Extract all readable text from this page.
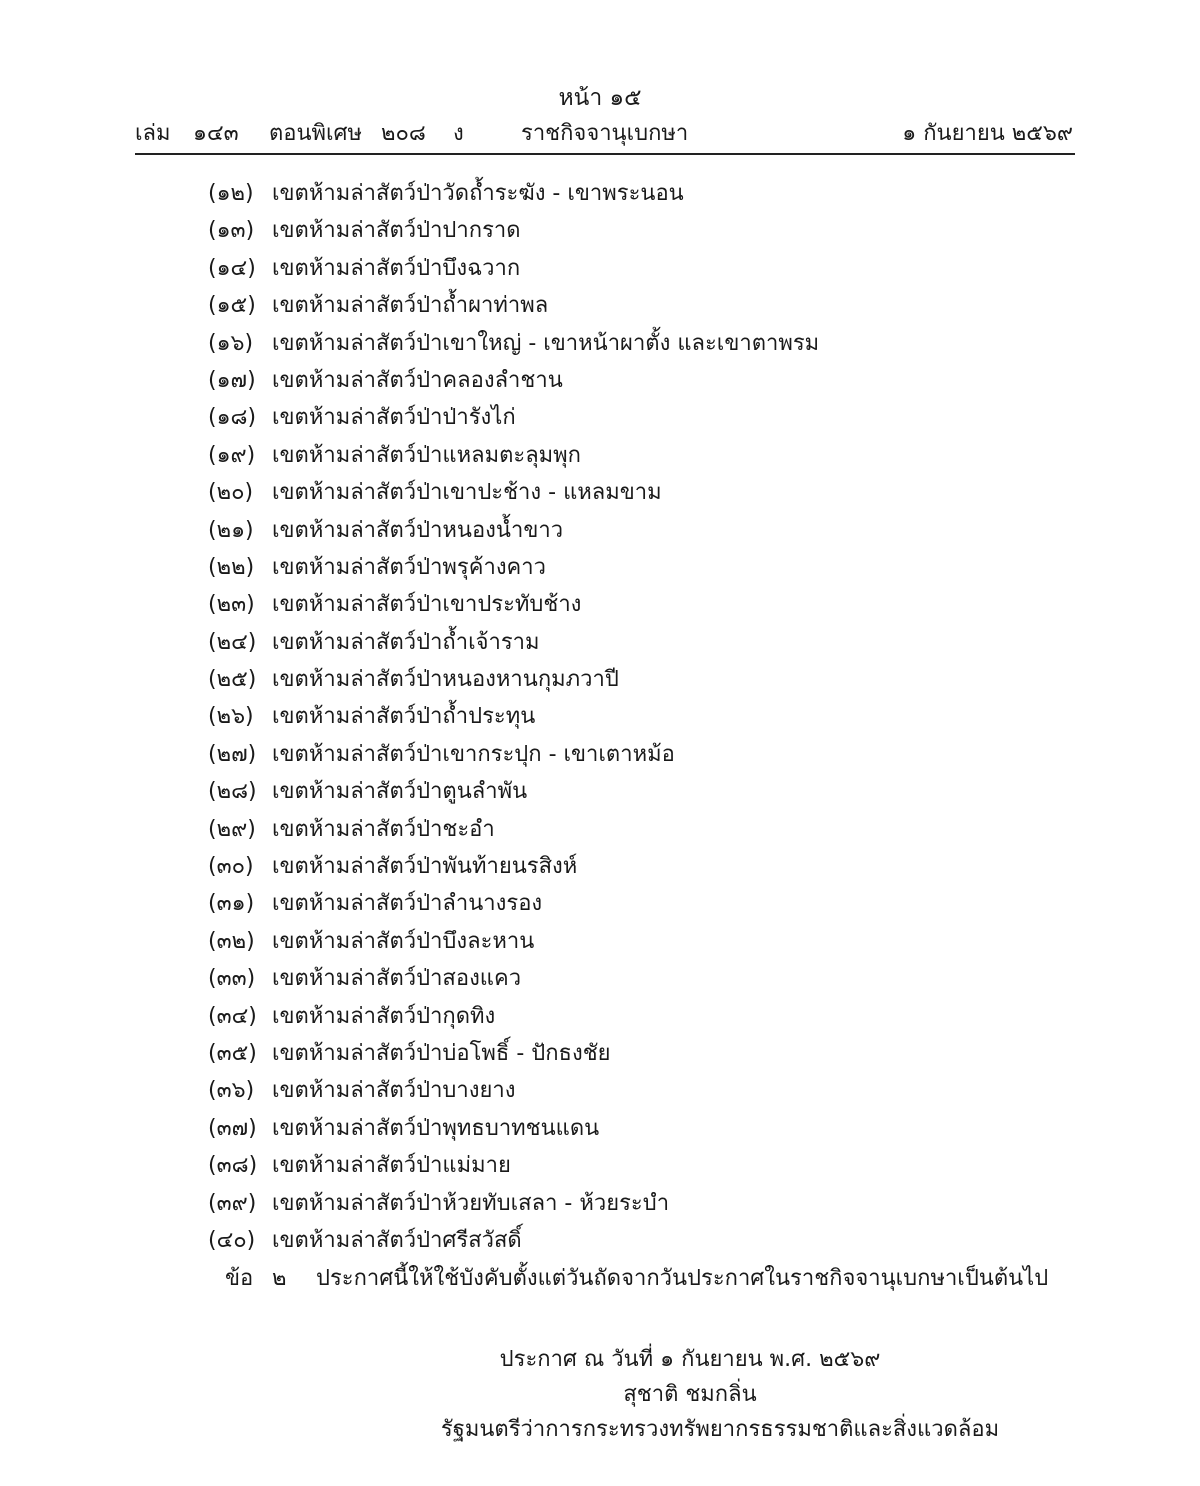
หน้า ๑๕
เล่ม ๑๔๓ ตอนพิเศษ ๒๐๘ ง	ราชกิจจานุเบกษา	๑ กันยายน ๒๕๖๙
(๑๒) เขตห้ามล่าสัตว์ป่าวัดถ้ำระฆัง - เขาพระนอน
(๑๓) เขตห้ามล่าสัตว์ป่าปากราด
(๑๔) เขตห้ามล่าสัตว์ป่าบึงฉวาก
(๑๕) เขตห้ามล่าสัตว์ป่าถ้ำผาท่าพล
(๑๖) เขตห้ามล่าสัตว์ป่าเขาใหญ่ - เขาหน้าผาตั้ง และเขาตาพรม
(๑๗) เขตห้ามล่าสัตว์ป่าคลองลำชาน
(๑๘) เขตห้ามล่าสัตว์ป่าป่ารังไก่
(๑๙) เขตห้ามล่าสัตว์ป่าแหลมตะลุมพุก
(๒๐) เขตห้ามล่าสัตว์ป่าเขาปะช้าง - แหลมขาม
(๒๑) เขตห้ามล่าสัตว์ป่าหนองน้ำขาว
(๒๒) เขตห้ามล่าสัตว์ป่าพรุค้างคาว
(๒๓) เขตห้ามล่าสัตว์ป่าเขาประทับช้าง
(๒๔) เขตห้ามล่าสัตว์ป่าถ้ำเจ้าราม
(๒๕) เขตห้ามล่าสัตว์ป่าหนองหานกุมภวาปี
(๒๖) เขตห้ามล่าสัตว์ป่าถ้ำประทุน
(๒๗) เขตห้ามล่าสัตว์ป่าเขากระปุก - เขาเตาหม้อ
(๒๘) เขตห้ามล่าสัตว์ป่าตูนลำพัน
(๒๙) เขตห้ามล่าสัตว์ป่าชะอำ
(๓๐) เขตห้ามล่าสัตว์ป่าพันท้ายนรสิงห์
(๓๑) เขตห้ามล่าสัตว์ป่าลำนางรอง
(๓๒) เขตห้ามล่าสัตว์ป่าบึงละหาน
(๓๓) เขตห้ามล่าสัตว์ป่าสองแคว
(๓๔) เขตห้ามล่าสัตว์ป่ากุดทิง
(๓๕) เขตห้ามล่าสัตว์ป่าบ่อโพธิ์ - ปักธงชัย
(๓๖) เขตห้ามล่าสัตว์ป่าบางยาง
(๓๗) เขตห้ามล่าสัตว์ป่าพุทธบาทชนแดน
(๓๘) เขตห้ามล่าสัตว์ป่าแม่มาย
(๓๙) เขตห้ามล่าสัตว์ป่าห้วยทับเสลา - ห้วยระบำ
(๔๐) เขตห้ามล่าสัตว์ป่าศรีสวัสดิ์
ข้อ ๒ ประกาศนี้ให้ใช้บังคับตั้งแต่วันถัดจากวันประกาศในราชกิจจานุเบกษาเป็นต้นไป
ประกาศ ณ วันที่ ๑ กันยายน พ.ศ. ๒๕๖๙
สุชาติ ชมกลิ่น
รัฐมนตรีว่าการกระทรวงทรัพยากรธรรมชาติและสิ่งแวดล้อม
